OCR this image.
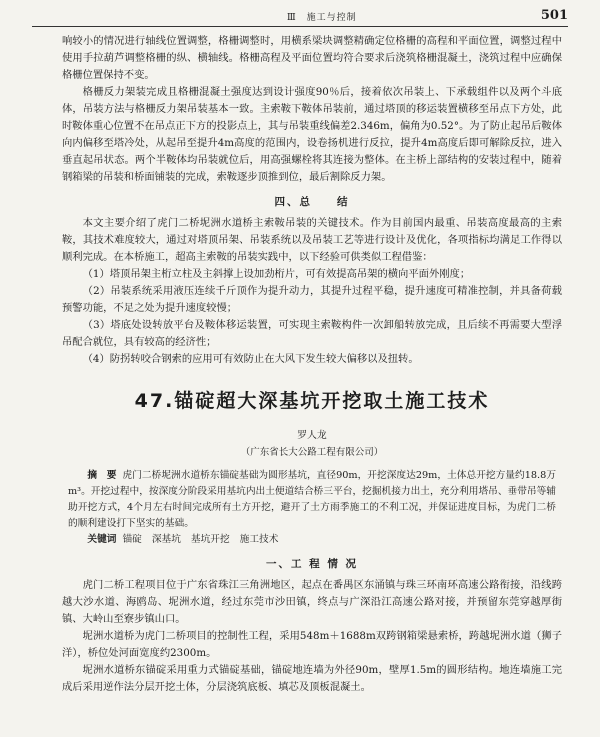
Ⅲ　施工与控制	501

响较小的情况进行轴线位置调整，格栅调整时，用横系梁块调整精确定位格栅的高程和平面位置，调整过程中使用手拉葫芦调整格栅的纵、横轴线。格栅高程及平面位置均符合要求后浇筑格栅混凝土，浇筑过程中应确保格栅位置保持不变。

格栅反力架装完成且格栅混凝土强度达到设计强度90％后，接着依次吊装上、下承载组件以及两个斗底体，吊装方法与格栅反力架吊装基本一致。主索鞍下鞍体吊装前，通过塔顶的移运装置横移至吊点下方处，此时鞍体重心位置不在吊点正下方的投影点上，其与吊装重线偏差2.346m，偏角为0.52°。为了防止起吊后鞍体向内偏移至塔冷处，从起吊至提升4m高度的范围内，设卷扬机进行反拉，提升4m高度后即可解除反拉，进入垂直起吊状态。两个半鞍体均吊装就位后，用高强螺栓将其连接为整体。在主桥上部结构的安装过程中，随着钢箱梁的吊装和桥面铺装的完成，索鞍逐步顶推到位，最后割除反力架。

四、总　　结

本文主要介绍了虎门二桥坭洲水道桥主索鞍吊装的关键技术。作为目前国内最重、吊装高度最高的主索鞍，其技术难度较大，通过对塔顶吊架、吊装系统以及吊装工艺等进行设计及优化，各项指标均满足工作得以顺利完成。在本桥施工，超高主索鞍的吊装实践中，以下经验可供类似工程借鉴：

（1）塔顶吊架主桁立柱及主斜撑上设加劲桁片，可有效提高吊架的横向平面外刚度；

（2）吊装系统采用液压连续千斤顶作为提升动力，其提升过程平稳，提升速度可精准控制，并具备荷载预警功能，不足之处为提升速度较慢；

（3）塔底处设转放平台及鞍体移运装置，可实现主索鞍构件一次卸船转放完成，且后续不再需要大型浮吊配合就位，具有较高的经济性；

（4）防拐转咬合钢索的应用可有效防止在大风下发生较大偏移以及扭转。

47.锚碇超大深基坑开挖取土施工技术
罗人龙
（广东省长大公路工程有限公司）

摘　要 虎门二桥坭洲水道桥东锚碇基础为圆形基坑，直径90m，开挖深度达29m，土体总开挖方量约18.8万m³。开挖过程中，按深度分阶段采用基坑内出土便道结合桥三平台，挖掘机接力出土，充分利用塔吊、垂带吊等辅助开挖方式，4个月左右时间完成所有土方开挖，避开了土方雨季施工的不利工况，并保证进度目标，为虎门二桥的顺利建设打下坚实的基础。

关键词 锚碇 深基坑 基坑开挖 施工技术

一、工 程 情 况

虎门二桥工程项目位于广东省珠江三角洲地区，起点在番禺区东涌镇与珠三环南环高速公路衔接，沿线跨越大沙水道、海鸥岛、坭洲水道，经过东莞市沙田镇，终点与广深沿江高速公路对接，并预留东莞穿越厚街镇、大岭山至寮步镇山口。

坭洲水道桥为虎门二桥项目的控制性工程，采用548m＋1688m双跨钢箱梁悬索桥，跨越坭洲水道（狮子洋），桥位处河面宽度约2300m。

坭洲水道桥东锚碇采用重力式锚碇基础，锚碇地连墙为外径90m，壁厚1.5m的圆形结构。地连墙施工完成后采用逆作法分层开挖土体，分层浇筑底板、填芯及顶板混凝土。
